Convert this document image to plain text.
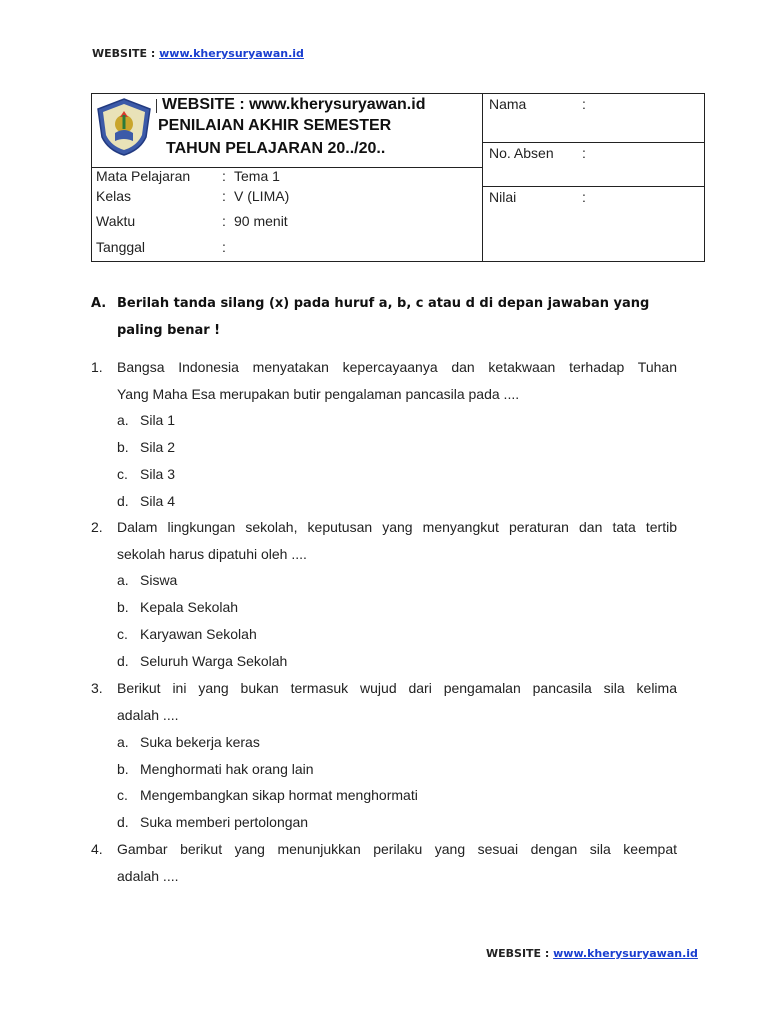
WEBSITE : www.kherysuryawan.id
WEBSITE : www.kherysuryawan.id
PENILAIAN AKHIR SEMESTER
TAHUN PELAJARAN 20../20..
Mata Pelajaran : Tema 1
Kelas	: V (LIMA)
Waktu	: 90 menit
Tanggal	:
Nama	:
No. Absen :
Nilai	:
A. Berilah tanda silang (x) pada huruf a, b, c atau d di depan jawaban yang
paling benar !
1. Bangsa Indonesia menyatakan kepercayaanya dan ketakwaan terhadap Tuhan
Yang Maha Esa merupakan butir pengalaman pancasila pada ....
a. Sila 1
b. Sila 2
c. Sila 3
d. Sila 4
2. Dalam lingkungan sekolah, keputusan yang menyangkut peraturan dan tata tertib
sekolah harus dipatuhi oleh ....
a. Siswa
b. Kepala Sekolah
c. Karyawan Sekolah
d. Seluruh Warga Sekolah
3. Berikut ini yang bukan termasuk wujud dari pengamalan pancasila sila kelima
adalah ....
a. Suka bekerja keras
b. Menghormati hak orang lain
c. Mengembangkan sikap hormat menghormati
d. Suka memberi pertolongan
4. Gambar berikut yang menunjukkan perilaku yang sesuai dengan sila keempat
adalah ....
WEBSITE : www.kherysuryawan.id
